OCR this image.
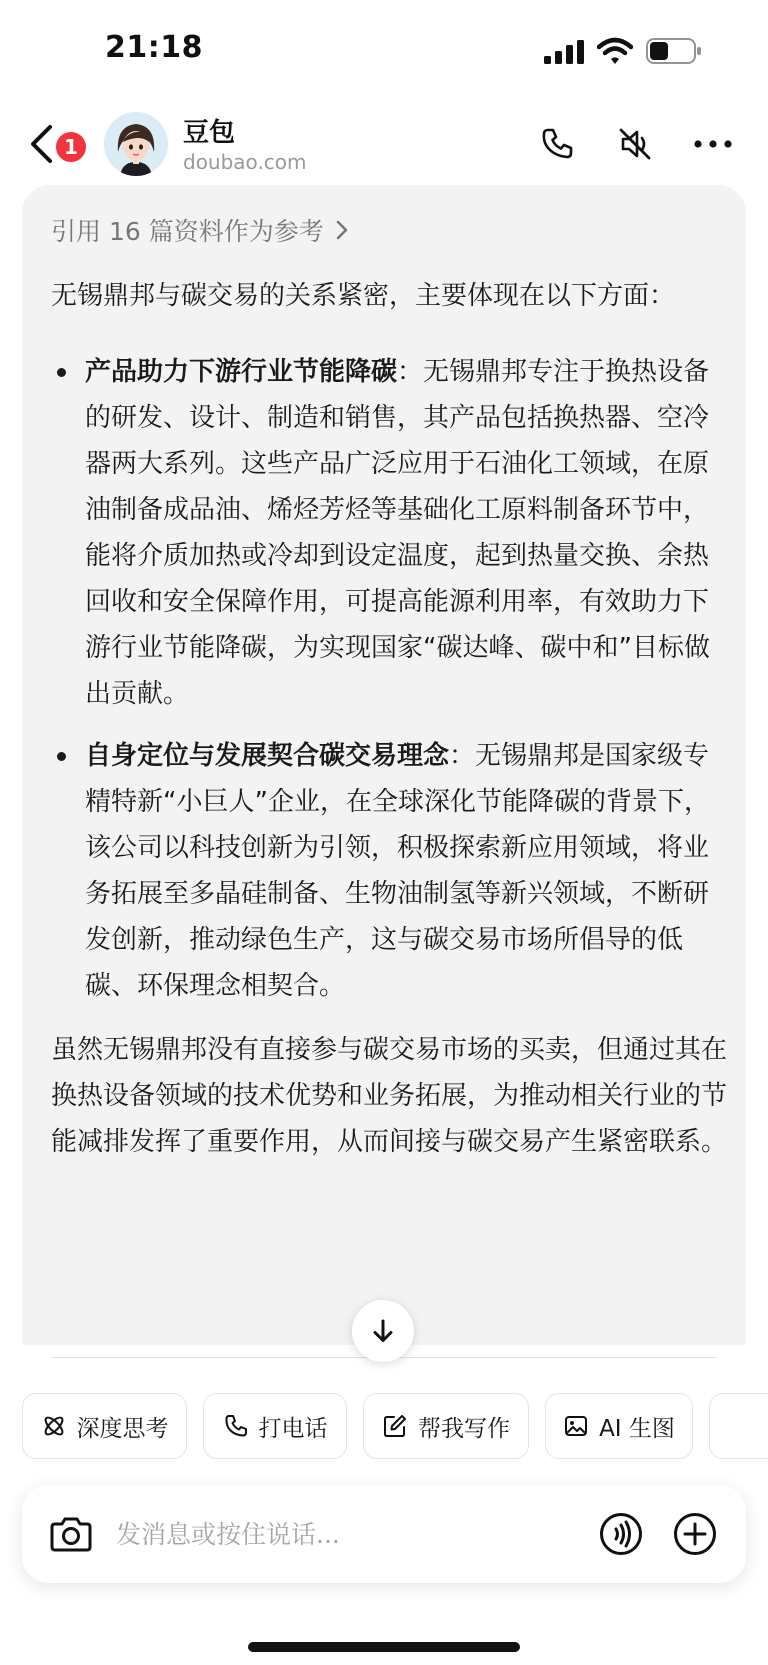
21:18
1	豆包
doubao.com
引用 16 篇资料作为参考

无锡鼎邦与碳交易的关系紧密，主要体现在以下方面：

产品助力下游行业节能降碳：无锡鼎邦专注于换热设备的研发、设计、制造和销售，其产品包括换热器、空冷器两大系列。这些产品广泛应用于石油化工领域，在原油制备成品油、烯烃芳烃等基础化工原料制备环节中，能将介质加热或冷却到设定温度，起到热量交换、余热回收和安全保障作用，可提高能源利用率，有效助力下游行业节能降碳，为实现国家“碳达峰、碳中和”目标做出贡献。
自身定位与发展契合碳交易理念：无锡鼎邦是国家级专精特新“小巨人”企业，在全球深化节能降碳的背景下，该公司以科技创新为引领，积极探索新应用领域，将业务拓展至多晶硅制备、生物油制氢等新兴领域，不断研发创新，推动绿色生产，这与碳交易市场所倡导的低碳、环保理念相契合。

虽然无锡鼎邦没有直接参与碳交易市场的买卖，但通过其在换热设备领域的技术优势和业务拓展，为推动相关行业的节能减排发挥了重要作用，从而间接与碳交易产生紧密联系。

深度思考	打电话	帮我写作	AI 生图
发消息或按住说话...
